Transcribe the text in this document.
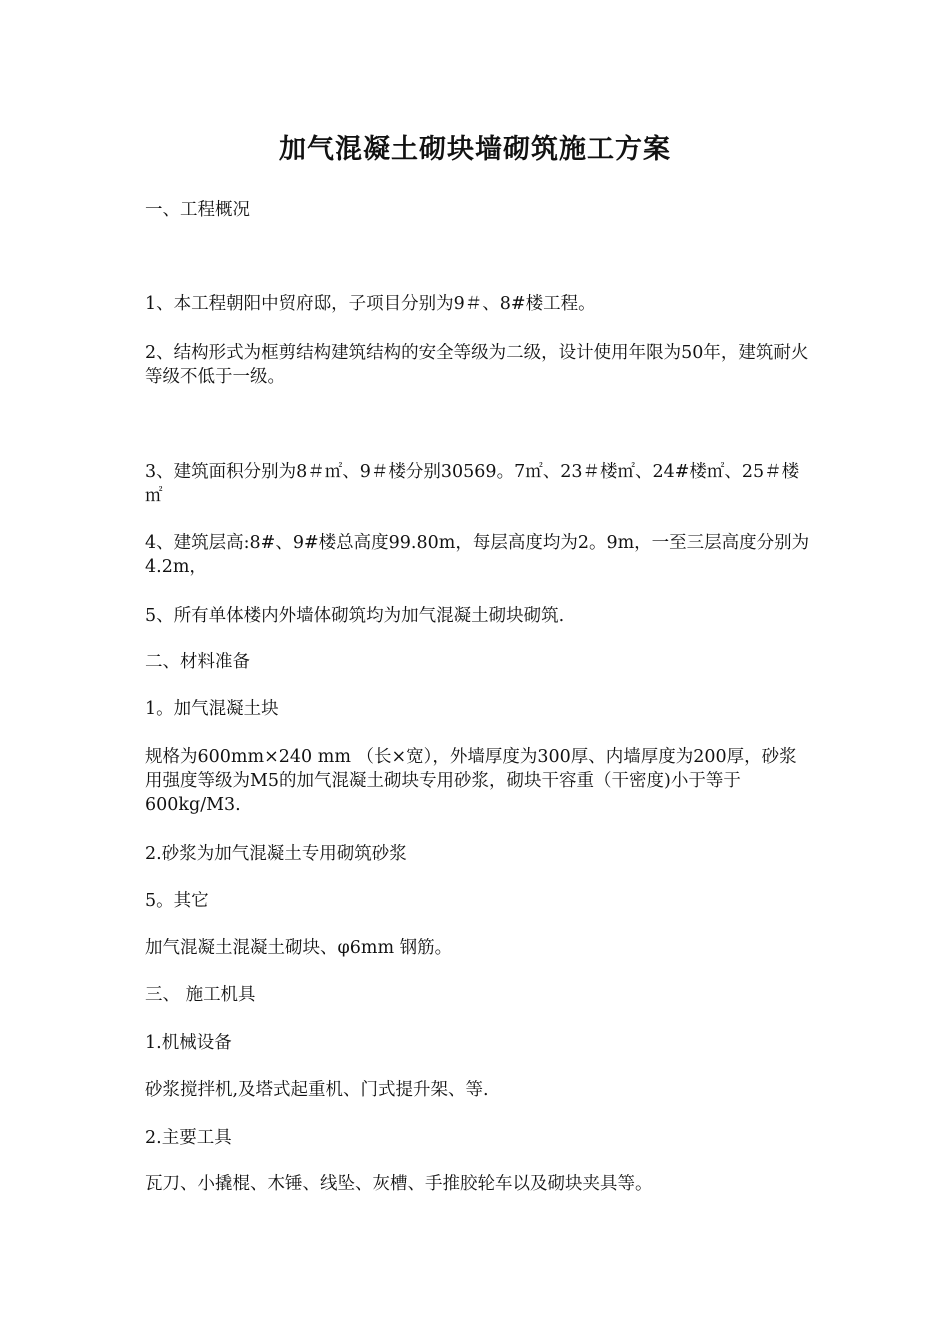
加气混凝土砌块墙砌筑施工方案

一、工程概况

1、本工程朝阳中贸府邸，子项目分别为9＃、8#楼工程。

2、结构形式为框剪结构建筑结构的安全等级为二级，设计使用年限为50年，建筑耐火等级不低于一级。

3、建筑面积分别为8＃㎡、9＃楼分别30569。7㎡、23＃楼㎡、24#楼㎡、25＃楼㎡

4、建筑层高:8#、9#楼总高度99.80m，每层高度均为2。9m，一至三层高度分别为4.2m，

5、所有单体楼内外墙体砌筑均为加气混凝土砌块砌筑.

二、材料准备

1。加气混凝土块

规格为600mm×240 mm （长×宽），外墙厚度为300厚、内墙厚度为200厚，砂浆用强度等级为M5的加气混凝土砌块专用砂浆，砌块干容重（干密度)小于等于600kg/M3.

2.砂浆为加气混凝土专用砌筑砂浆

5。其它

加气混凝土混凝土砌块、φ6mm 钢筋。

三、 施工机具

1.机械设备

砂浆搅拌机,及塔式起重机、门式提升架、等.

2.主要工具

瓦刀、小撬棍、木锤、线坠、灰槽、手推胶轮车以及砌块夹具等。
